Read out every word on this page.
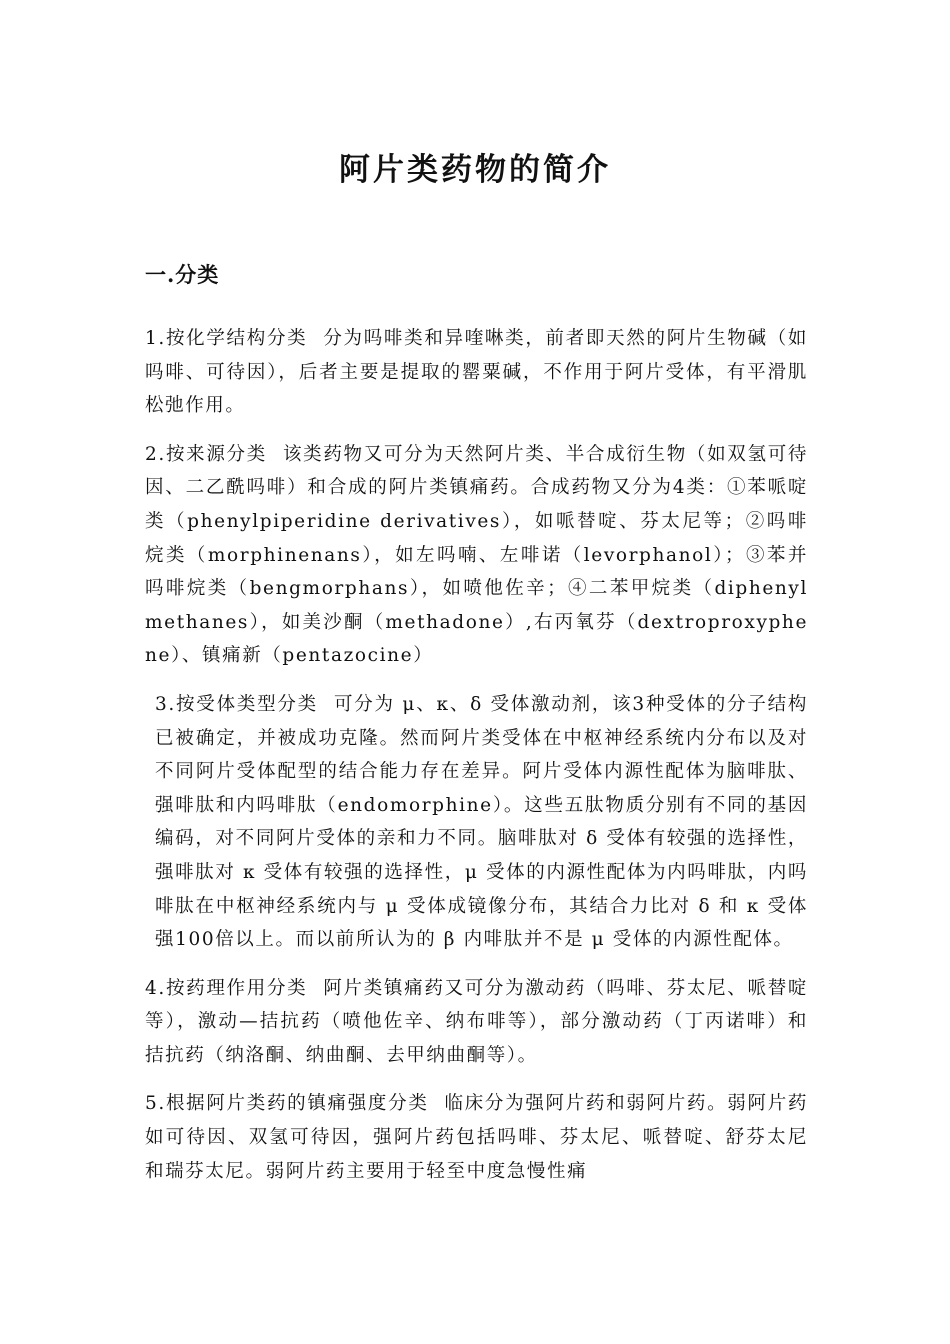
阿片类药物的简介
一.分类

1.按化学结构分类 分为吗啡类和异喹啉类，前者即天然的阿片生物碱（如吗啡、可待因），后者主要是提取的罂粟碱，不作用于阿片受体，有平滑肌松弛作用。

2.按来源分类 该类药物又可分为天然阿片类、半合成衍生物（如双氢可待因、二乙酰吗啡）和合成的阿片类镇痛药。合成药物又分为4类：①苯哌啶类（phenylpiperidine derivatives），如哌替啶、芬太尼等；②吗啡烷类（morphinenans），如左吗喃、左啡诺（levorphanol）；③苯并吗啡烷类（bengmorphans），如喷他佐辛；④二苯甲烷类（diphenylmethanes），如美沙酮（methadone）,右丙氧芬（dextroproxyphene）、镇痛新（pentazocine）

3.按受体类型分类 可分为 μ、κ、δ 受体激动剂，该3种受体的分子结构已被确定，并被成功克隆。然而阿片类受体在中枢神经系统内分布以及对不同阿片受体配型的结合能力存在差异。阿片受体内源性配体为脑啡肽、强啡肽和内吗啡肽（endomorphine）。这些五肽物质分别有不同的基因编码，对不同阿片受体的亲和力不同。脑啡肽对 δ 受体有较强的选择性，强啡肽对 κ 受体有较强的选择性，μ 受体的内源性配体为内吗啡肽，内吗啡肽在中枢神经系统内与 μ 受体成镜像分布，其结合力比对 δ 和 κ 受体强100倍以上。而以前所认为的 β 内啡肽并不是 μ 受体的内源性配体。

4.按药理作用分类 阿片类镇痛药又可分为激动药（吗啡、芬太尼、哌替啶等），激动—拮抗药（喷他佐辛、纳布啡等），部分激动药（丁丙诺啡）和拮抗药（纳洛酮、纳曲酮、去甲纳曲酮等）。

5.根据阿片类药的镇痛强度分类 临床分为强阿片药和弱阿片药。弱阿片药如可待因、双氢可待因，强阿片药包括吗啡、芬太尼、哌替啶、舒芬太尼和瑞芬太尼。弱阿片药主要用于轻至中度急慢性痛
